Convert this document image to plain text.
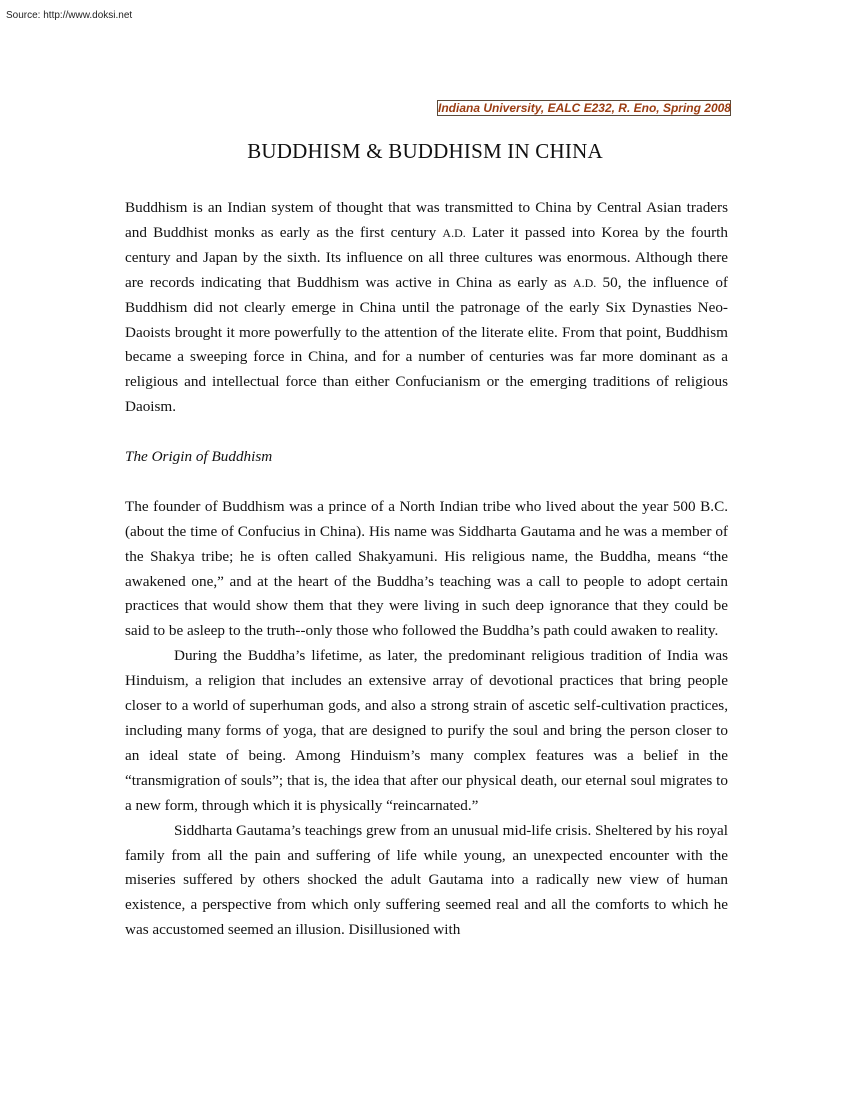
Source: http://www.doksi.net
Indiana University, EALC E232, R. Eno, Spring 2008
BUDDHISM & BUDDHISM IN CHINA

Buddhism is an Indian system of thought that was transmitted to China by Central Asian traders and Buddhist monks as early as the first century A.D. Later it passed into Korea by the fourth century and Japan by the sixth. Its influence on all three cultures was enormous. Although there are records indicating that Buddhism was active in China as early as A.D. 50, the influence of Buddhism did not clearly emerge in China until the patronage of the early Six Dynasties Neo-Daoists brought it more powerfully to the attention of the literate elite. From that point, Buddhism became a sweeping force in China, and for a number of centuries was far more dominant as a religious and intellectual force than either Confucianism or the emerging traditions of religious Daoism.

The Origin of Buddhism

The founder of Buddhism was a prince of a North Indian tribe who lived about the year 500 B.C. (about the time of Confucius in China). His name was Siddharta Gautama and he was a member of the Shakya tribe; he is often called Shakyamuni. His religious name, the Buddha, means “the awakened one,” and at the heart of the Buddha’s teaching was a call to people to adopt certain practices that would show them that they were living in such deep ignorance that they could be said to be asleep to the truth--only those who followed the Buddha’s path could awaken to reality.

During the Buddha’s lifetime, as later, the predominant religious tradition of India was Hinduism, a religion that includes an extensive array of devotional practices that bring people closer to a world of superhuman gods, and also a strong strain of ascetic self-cultivation practices, including many forms of yoga, that are designed to purify the soul and bring the person closer to an ideal state of being. Among Hinduism’s many complex features was a belief in the “transmigration of souls”; that is, the idea that after our physical death, our eternal soul migrates to a new form, through which it is physically “reincarnated.”

Siddharta Gautama’s teachings grew from an unusual mid-life crisis. Sheltered by his royal family from all the pain and suffering of life while young, an unexpected encounter with the miseries suffered by others shocked the adult Gautama into a radically new view of human existence, a perspective from which only suffering seemed real and all the comforts to which he was accustomed seemed an illusion. Disillusioned with
